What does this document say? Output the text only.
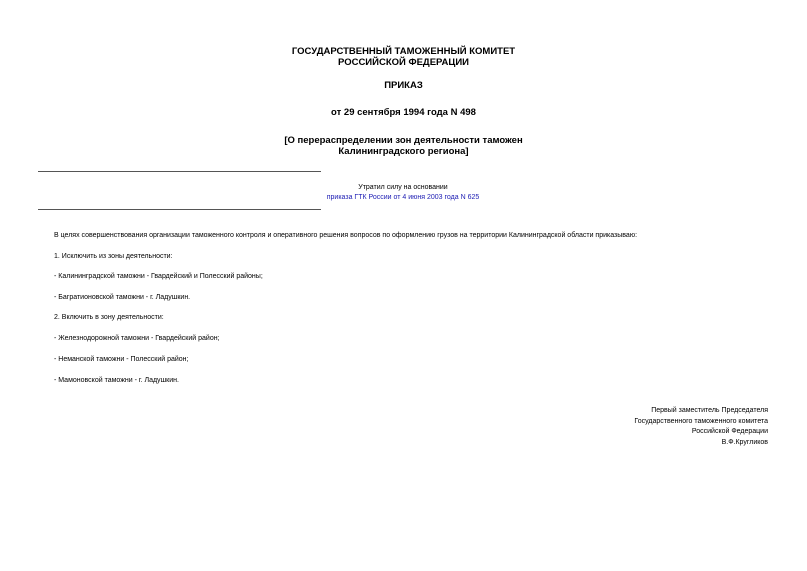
ГОСУДАРСТВЕННЫЙ ТАМОЖЕННЫЙ КОМИТЕТ
РОССИЙСКОЙ ФЕДЕРАЦИИ
ПРИКАЗ
от 29 сентября 1994 года N 498
[О перераспределении зон деятельности таможен
Калининградского региона]
Утратил силу на основании
приказа ГТК России от 4 июня 2003 года N 625
В целях совершенствования организации таможенного контроля и оперативного решения вопросов по оформлению грузов на территории Калининградской области приказываю:
1. Исключить из зоны деятельности:
- Калининградской таможни - Гвардейский и Полесский районы;
- Багратионовской таможни - г. Ладушкин.
2. Включить в зону деятельности:
- Железнодорожной таможни - Гвардейский район;
- Неманской таможни - Полесский район;
- Мамоновской таможни - г. Ладушкин.
Первый заместитель Председателя
Государственного таможенного комитета
Российской Федерации
В.Ф.Кругликов
